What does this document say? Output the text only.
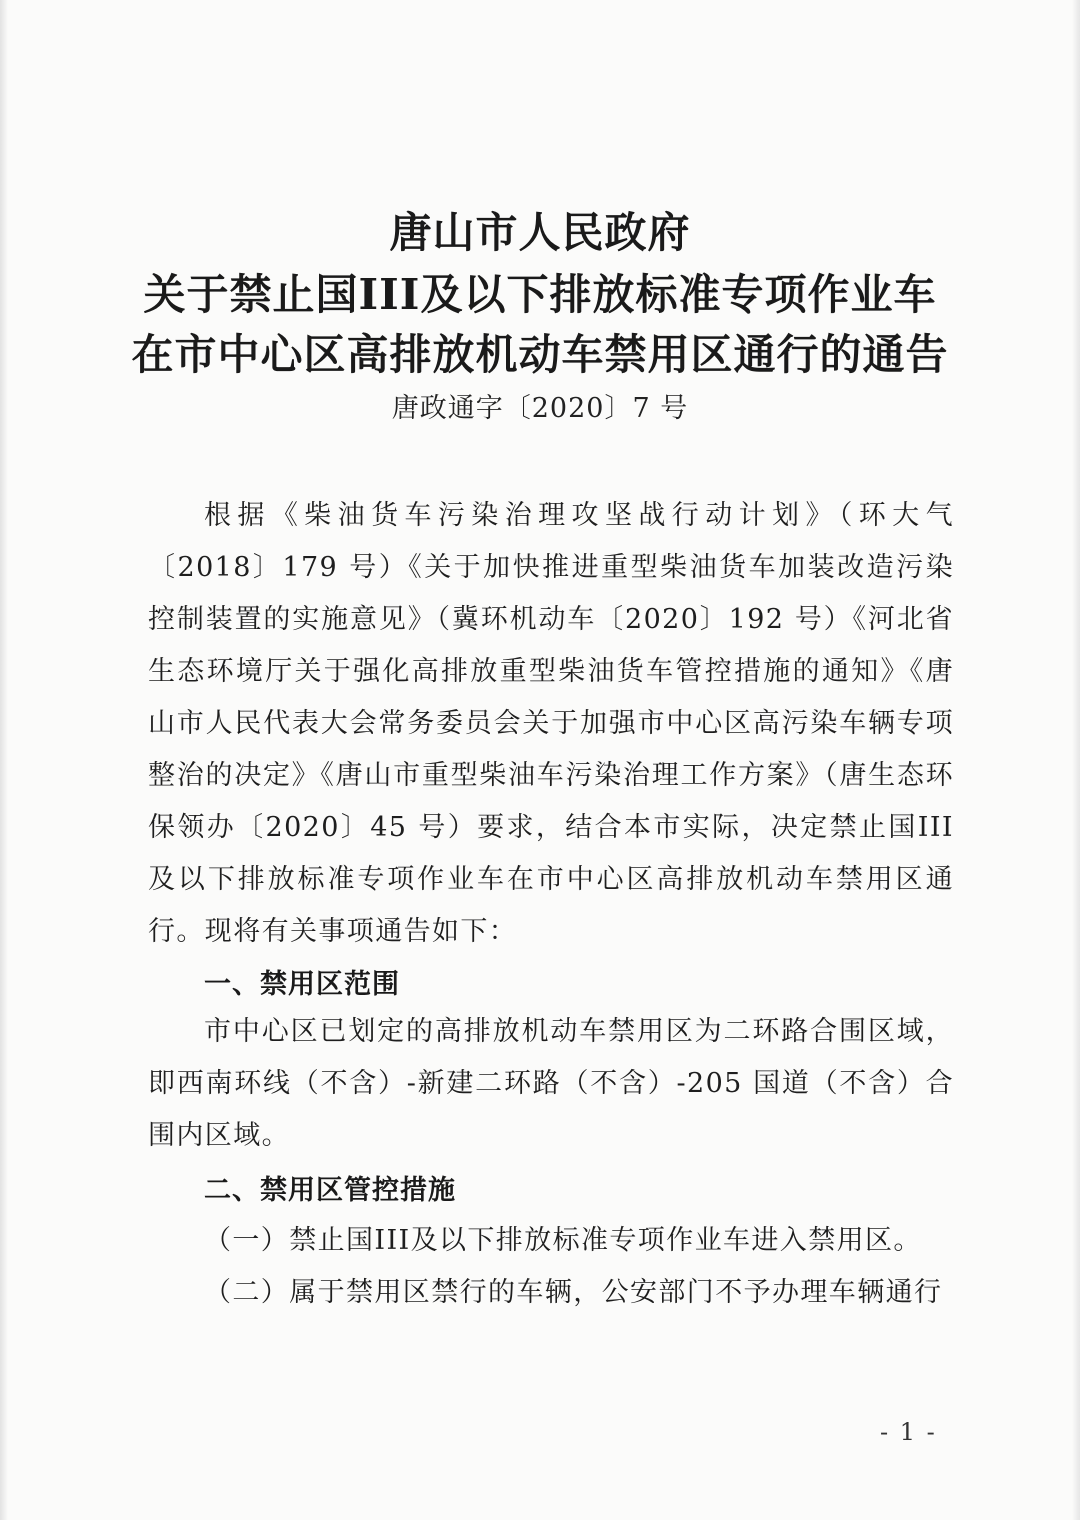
唐山市人民政府
关于禁止国III及以下排放标准专项作业车
在市中心区高排放机动车禁用区通行的通告
唐政通字〔2020〕7 号
根据《柴油货车污染治理攻坚战行动计划》（环大气〔2018〕179 号）《关于加快推进重型柴油货车加装改造污染控制装置的实施意见》（冀环机动车〔2020〕192 号）《河北省生态环境厅关于强化高排放重型柴油货车管控措施的通知》《唐山市人民代表大会常务委员会关于加强市中心区高污染车辆专项整治的决定》《唐山市重型柴油车污染治理工作方案》（唐生态环保领办〔2020〕45 号）要求，结合本市实际，决定禁止国III及以下排放标准专项作业车在市中心区高排放机动车禁用区通行。现将有关事项通告如下：
一、禁用区范围
市中心区已划定的高排放机动车禁用区为二环路合围区域，即西南环线（不含）-新建二环路（不含）-205 国道（不含）合围内区域。
二、禁用区管控措施
（一）禁止国III及以下排放标准专项作业车进入禁用区。
（二）属于禁用区禁行的车辆，公安部门不予办理车辆通行
- 1 -
